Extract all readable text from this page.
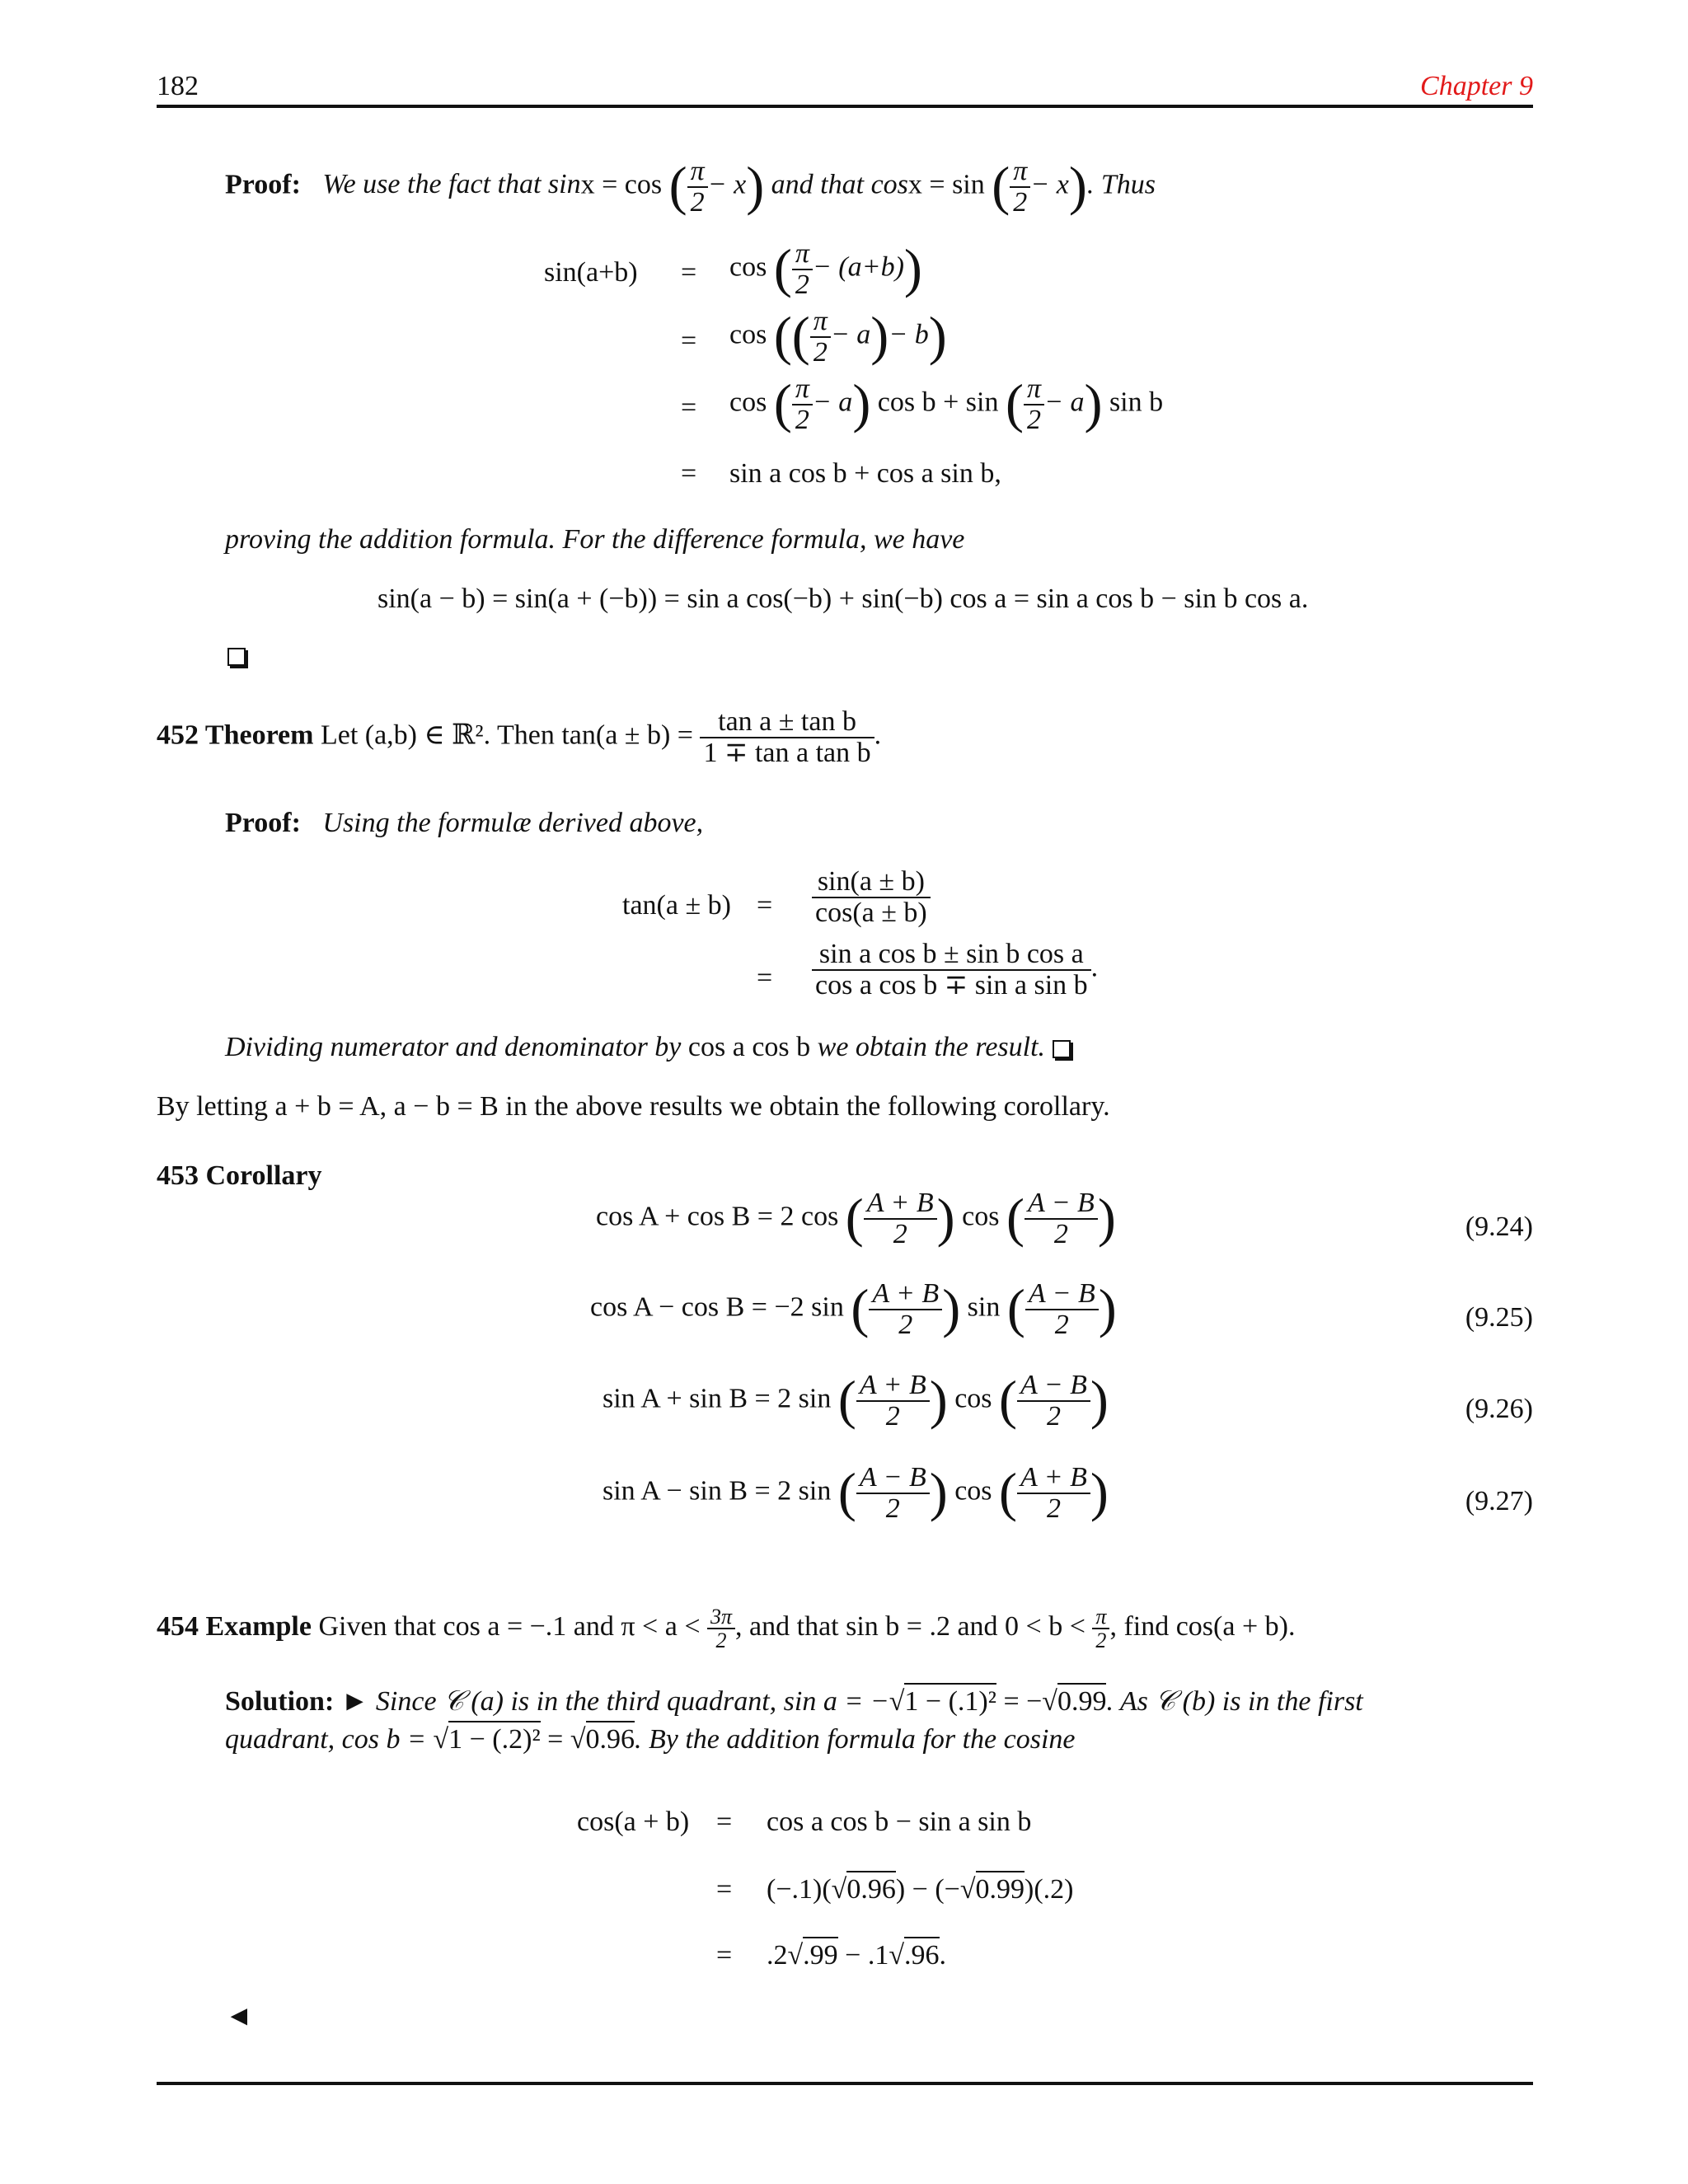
182	Chapter 9
Proof: We use the fact that sinx = cos ( $\frac{\pi}{2} - x$) and that cosx = sin ( $\frac{\pi}{2} - x$). Thus
sin(a+b) = cos ( $\frac{\pi}{2} - (a+b)$)
= cos (( $\frac{\pi}{2} - a)- b$)
= cos ( $\frac{\pi}{2} - a$) cos b + sin ( $\frac{\pi}{2} - a$) sin b
= sin a cos b + cos a sin b,
proving the addition formula. For the difference formula, we have
sin(a − b) = sin(a + (−b)) = sin a cos(−b) + sin(−b) cos a = sin a cos b − sin b cos a.
452 Theorem Let (a,b) ∈ ℝ². Then $\tan(a \pm b) = \frac{\text{tan a ± tan b}}{\text{1 ∓ tan a tan b}}$ .
Proof: Using the formulæ derived above,
$\tan(a \pm b) = \frac{\sin(a \pm b)}{\cos(a \pm b)}$
= $\frac{\text{sin a cos b ± sin b cos a}}{\text{cos a cos b ∓ sin a sin b}}$ .
Dividing numerator and denominator by cos a cos b we obtain the result.
By letting a + b = A, a − b = B in the above results we obtain the following corollary.
453 Corollary
cos A + cos B = 2 cos ( $\frac{A + B}{2}$ ) cos ( $\frac{A - B}{2}$ )	(9.24)
cos A − cos B = −2 sin ( $\frac{A + B}{2}$ ) sin ( $\frac{A - B}{2}$ )	(9.25)
sin A + sin B = 2 sin ( $\frac{A + B}{2}$ ) cos ( $\frac{A - B}{2}$ )	(9.26)
sin A − sin B = 2 sin ( $\frac{A - B}{2}$ ) cos ( $\frac{A + B}{2}$ )	(9.27)
454 Example Given that cos a = −.1 and $\pi < a < \frac{3\pi}{2}$ , and that sin b = .2 and $0 < b < \frac{\pi}{2}$ , find cos(a + b).
Solution: ► Since 𝒞 (a) is in the third quadrant, sin a = −√1 − (.1)² = −√0.99. As 𝒞 (b) is in the first
quadrant, cos b = √1 − (.2)² = √0.96. By the addition formula for the cosine
cos(a + b) = cos a cos b − sin a sin b
= (−.1)(√0.96) − (−√0.99)(.2)
= .2√.99 − .1√.96.
◄
